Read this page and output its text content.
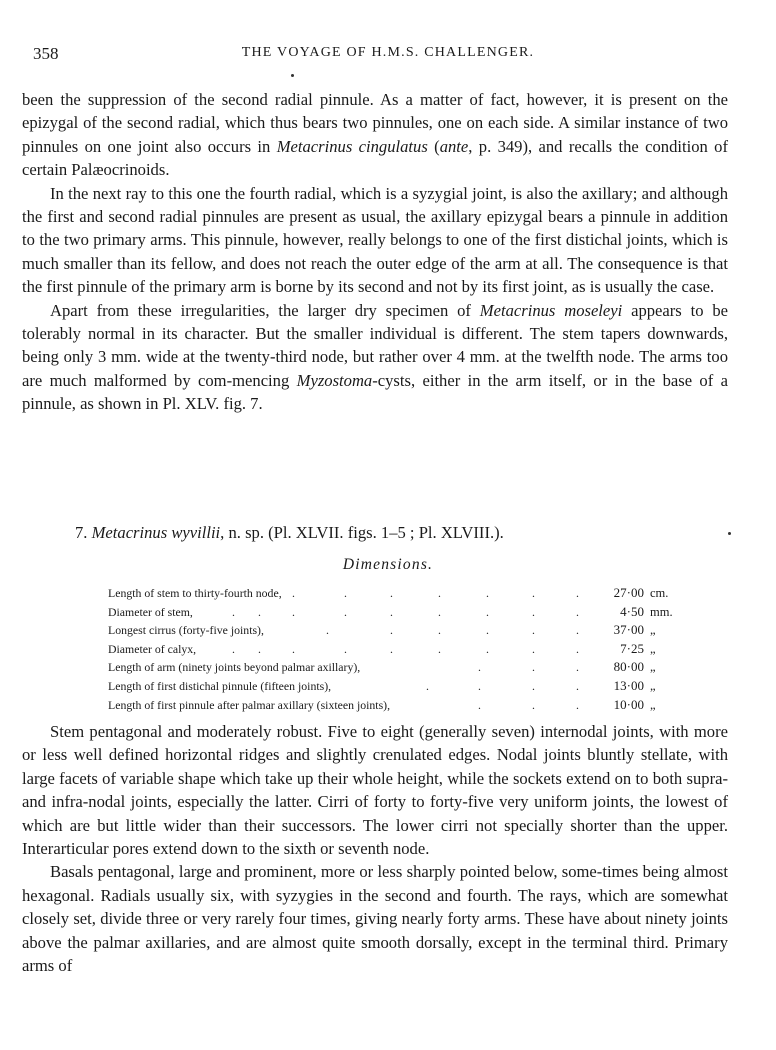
358	THE VOYAGE OF H.M.S. CHALLENGER.

been the suppression of the second radial pinnule. As a matter of fact, however, it is present on the epizygal of the second radial, which thus bears two pinnules, one on each side. A similar instance of two pinnules on one joint also occurs in Metacrinus cingulatus (ante, p. 349), and recalls the condition of certain Palæocrinoids.

In the next ray to this one the fourth radial, which is a syzygial joint, is also the axillary; and although the first and second radial pinnules are present as usual, the axillary epizygal bears a pinnule in addition to the two primary arms. This pinnule, however, really belongs to one of the first distichal joints, which is much smaller than its fellow, and does not reach the outer edge of the arm at all. The consequence is that the first pinnule of the primary arm is borne by its second and not by its first joint, as is usually the case.

Apart from these irregularities, the larger dry specimen of Metacrinus moseleyi appears to be tolerably normal in its character. But the smaller individual is different. The stem tapers downwards, being only 3 mm. wide at the twenty-third node, but rather over 4 mm. at the twelfth node. The arms too are much malformed by com-mencing Myzostoma-cysts, either in the arm itself, or in the base of a pinnule, as shown in Pl. XLV. fig. 7.

7. Metacrinus wyvillii, n. sp. (Pl. XLVII. figs. 1–5 ; Pl. XLVIII.).
Dimensions.
Length of stem to thirty-fourth node, .	.	.	.	.	.	.	27·00 cm.
Diameter of stem,	. .	.	.	.	.	.	.	.	4·50 mm.
Longest cirrus (forty-five joints),	.	.	.	.	.	.	37·00 „
Diameter of calyx,	. .	.	.	.	.	.	.	.	7·25 „
Length of arm (ninety joints beyond palmar axillary),	.	.	.	80·00 „
Length of first distichal pinnule (fifteen joints),	.	.	.	.	13·00 „
Length of first pinnule after palmar axillary (sixteen joints),	.	.	.	10·00 „

Stem pentagonal and moderately robust. Five to eight (generally seven) internodal joints, with more or less well defined horizontal ridges and slightly crenulated edges. Nodal joints bluntly stellate, with large facets of variable shape which take up their whole height, while the sockets extend on to both supra- and infra-nodal joints, especially the latter. Cirri of forty to forty-five very uniform joints, the lowest of which are but little wider than their successors. The lower cirri not specially shorter than the upper. Interarticular pores extend down to the sixth or seventh node.

Basals pentagonal, large and prominent, more or less sharply pointed below, some-times being almost hexagonal. Radials usually six, with syzygies in the second and fourth. The rays, which are somewhat closely set, divide three or very rarely four times, giving nearly forty arms. These have about ninety joints above the palmar axillaries, and are almost quite smooth dorsally, except in the terminal third. Primary arms of
